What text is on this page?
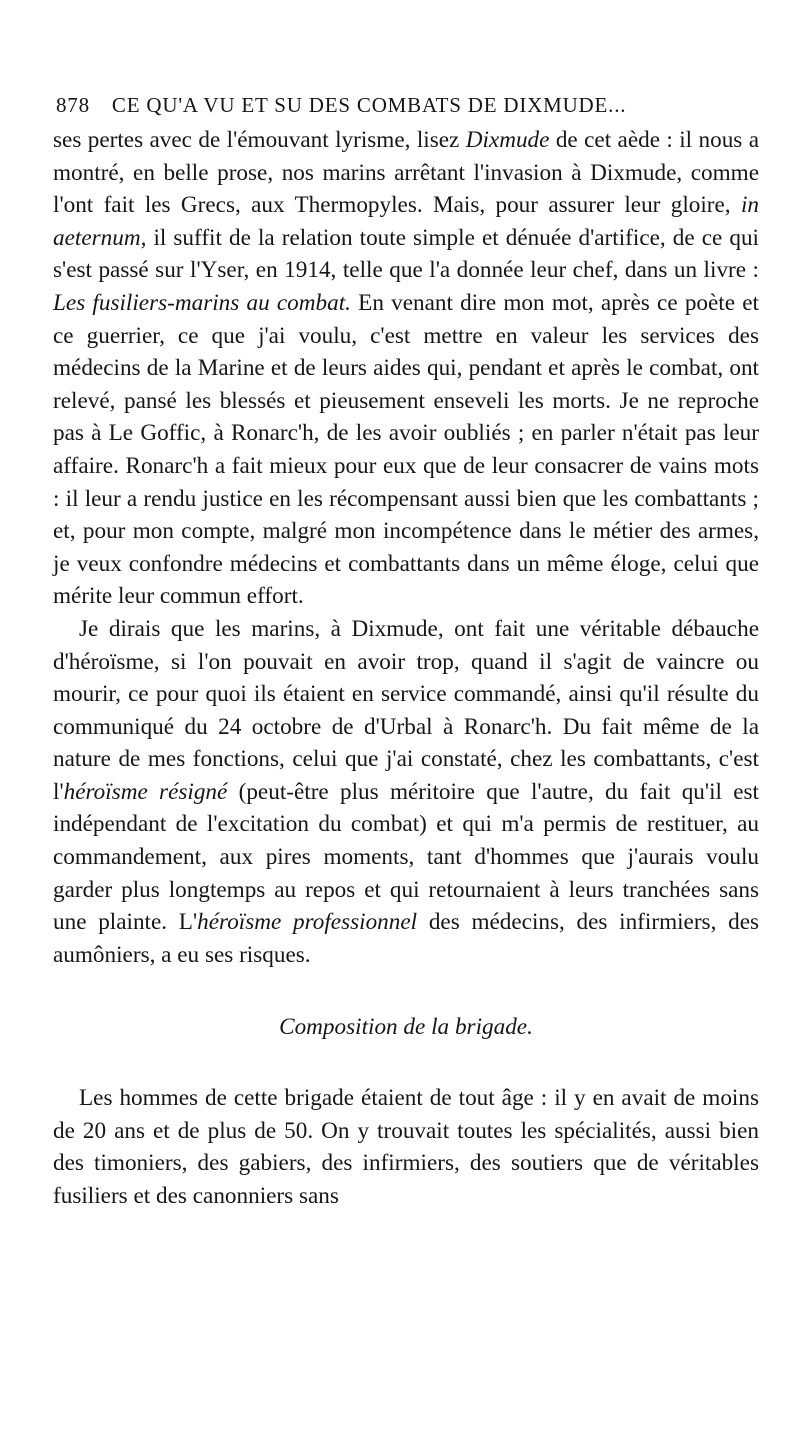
878 CE QU'A VU ET SU DES COMBATS DE DIXMUDE...

ses pertes avec de l'émouvant lyrisme, lisez Dixmude de cet aède : il nous a montré, en belle prose, nos marins arrêtant l'invasion à Dixmude, comme l'ont fait les Grecs, aux Thermopyles. Mais, pour assurer leur gloire, in aeternum, il suffit de la relation toute simple et dénuée d'artifice, de ce qui s'est passé sur l'Yser, en 1914, telle que l'a donnée leur chef, dans un livre : Les fusiliers-marins au combat. En venant dire mon mot, après ce poète et ce guerrier, ce que j'ai voulu, c'est mettre en valeur les services des médecins de la Marine et de leurs aides qui, pendant et après le combat, ont relevé, pansé les blessés et pieusement enseveli les morts. Je ne reproche pas à Le Goffic, à Ronarc'h, de les avoir oubliés ; en parler n'était pas leur affaire. Ronarc'h a fait mieux pour eux que de leur consacrer de vains mots : il leur a rendu justice en les récompensant aussi bien que les combattants ; et, pour mon compte, malgré mon incompétence dans le métier des armes, je veux confondre médecins et combattants dans un même éloge, celui que mérite leur commun effort.

Je dirais que les marins, à Dixmude, ont fait une véritable débauche d'héroïsme, si l'on pouvait en avoir trop, quand il s'agit de vaincre ou mourir, ce pour quoi ils étaient en service commandé, ainsi qu'il résulte du communiqué du 24 octobre de d'Urbal à Ronarc'h. Du fait même de la nature de mes fonctions, celui que j'ai constaté, chez les combattants, c'est l'héroïsme résigné (peut-être plus méritoire que l'autre, du fait qu'il est indépendant de l'excitation du combat) et qui m'a permis de restituer, au commandement, aux pires moments, tant d'hommes que j'aurais voulu garder plus longtemps au repos et qui retournaient à leurs tranchées sans une plainte. L'héroïsme professionnel des médecins, des infirmiers, des aumôniers, a eu ses risques.

Composition de la brigade.

Les hommes de cette brigade étaient de tout âge : il y en avait de moins de 20 ans et de plus de 50. On y trouvait toutes les spécialités, aussi bien des timoniers, des gabiers, des infirmiers, des soutiers que de véritables fusiliers et des canonniers sans
